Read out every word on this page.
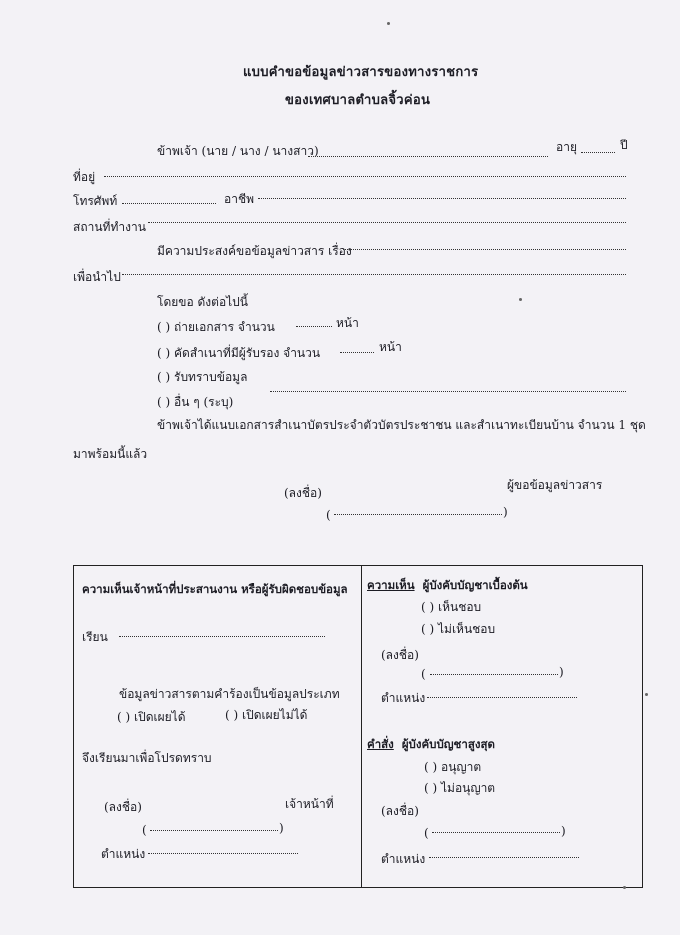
แบบคำขอข้อมูลข่าวสารของทางราชการ
ของเทศบาลตำบลจิ้วค่อน
ข้าพเจ้า (นาย / นาง / นางสาว)	อายุ	ปี
ที่อยู่
โทรศัพท์	อาชีพ
สถานที่ทำงาน
มีความประสงค์ขอข้อมูลข่าวสาร เรื่อง
เพื่อนำไป
โดยขอ ดังต่อไปนี้
( ) ถ่ายเอกสาร จำนวน	หน้า
( ) คัดสำเนาที่มีผู้รับรอง จำนวน	หน้า
( ) รับทราบข้อมูล
( ) อื่น ๆ (ระบุ)
ข้าพเจ้าได้แนบเอกสารสำเนาบัตรประจำตัวบัตรประชาชน และสำเนาทะเบียนบ้าน จำนวน 1 ชุด
มาพร้อมนี้แล้ว
(ลงชื่อ)
ผู้ขอข้อมูลข่าวสาร
(	)
ความเห็นเจ้าหน้าที่ประสานงาน หรือผู้รับผิดชอบข้อมูล
เรียน
ข้อมูลข่าวสารตามคำร้องเป็นข้อมูลประเภท
( ) เปิดเผยได้	( ) เปิดเผยไม่ได้
จึงเรียนมาเพื่อโปรดทราบ
(ลงชื่อ)	เจ้าหน้าที่
(	)
ตำแหน่ง
ความเห็น ผู้บังคับบัญชาเบื้องต้น
( ) เห็นชอบ
( ) ไม่เห็นชอบ
(ลงชื่อ)
(	)
ตำแหน่ง
คำสั่ง ผู้บังคับบัญชาสูงสุด
( ) อนุญาต
( ) ไม่อนุญาต
(ลงชื่อ)
(	)
ตำแหน่ง
